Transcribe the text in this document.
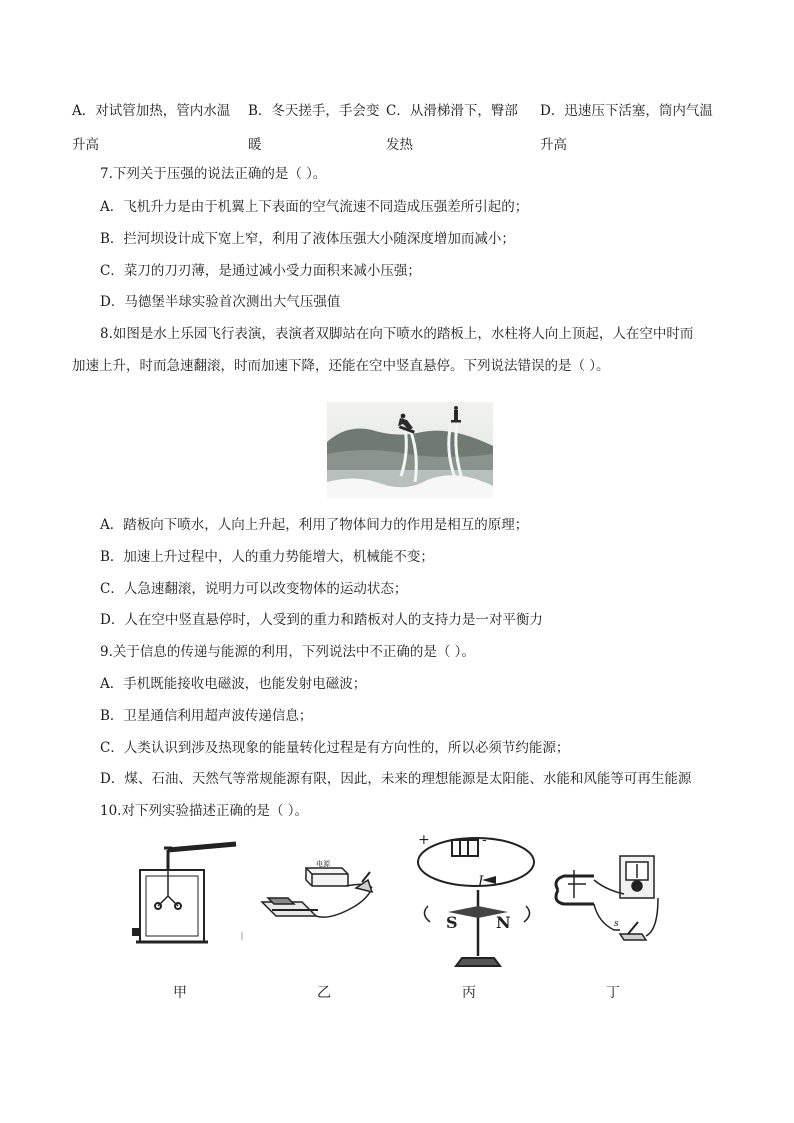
A．对试管加热，管内水温
升高
B．冬天搓手，手会变
暖
C．从滑梯滑下，臀部
发热
D．迅速压下活塞，筒内气温
升高
7.下列关于压强的说法正确的是（ ）。
A．飞机升力是由于机翼上下表面的空气流速不同造成压强差所引起的；
B．拦河坝设计成下宽上窄，利用了液体压强大小随深度增加而减小；
C．菜刀的刀刃薄，是通过减小受力面积来减小压强；
D．马德堡半球实验首次测出大气压强值
8.如图是水上乐园飞行表演，表演者双脚站在向下喷水的踏板上，水柱将人向上顶起，人在空中时而
加速上升，时而急速翻滚，时而加速下降，还能在空中竖直悬停。下列说法错误的是（ ）。
A．踏板向下喷水，人向上升起，利用了物体间力的作用是相互的原理；
B．加速上升过程中，人的重力势能增大，机械能不变；
C．人急速翻滚，说明力可以改变物体的运动状态；
D．人在空中竖直悬停时，人受到的重力和踏板对人的支持力是一对平衡力
9.关于信息的传递与能源的利用，下列说法中不正确的是（ ）。
A．手机既能接收电磁波，也能发射电磁波；
B．卫星通信利用超声波传递信息；
C．人类认识到涉及热现象的能量转化过程是有方向性的，所以必须节约能源；
D．煤、石油、天然气等常规能源有限，因此，未来的理想能源是太阳能、水能和风能等可再生能源
10.对下列实验描述正确的是（ ）。
电源
+	-
I
S N	s
甲	乙	丙	丁
